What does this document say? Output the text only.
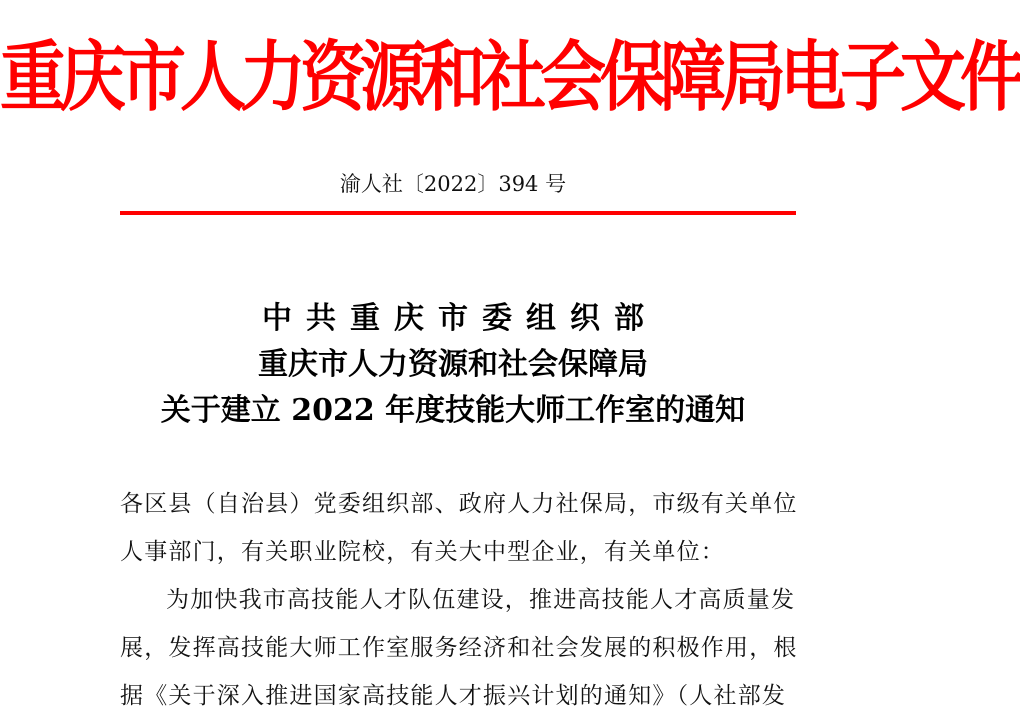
重庆市人力资源和社会保障局电子文件
渝人社〔2022〕394 号
中共重庆市委组织部
重庆市人力资源和社会保障局
关于建立 2022 年度技能大师工作室的通知
各区县（自治县）党委组织部、政府人力社保局，市级有关单位
人事部门，有关职业院校，有关大中型企业，有关单位：
为加快我市高技能人才队伍建设，推进高技能人才高质量发
展，发挥高技能大师工作室服务经济和社会发展的积极作用，根
据《关于深入推进国家高技能人才振兴计划的通知》（人社部发
